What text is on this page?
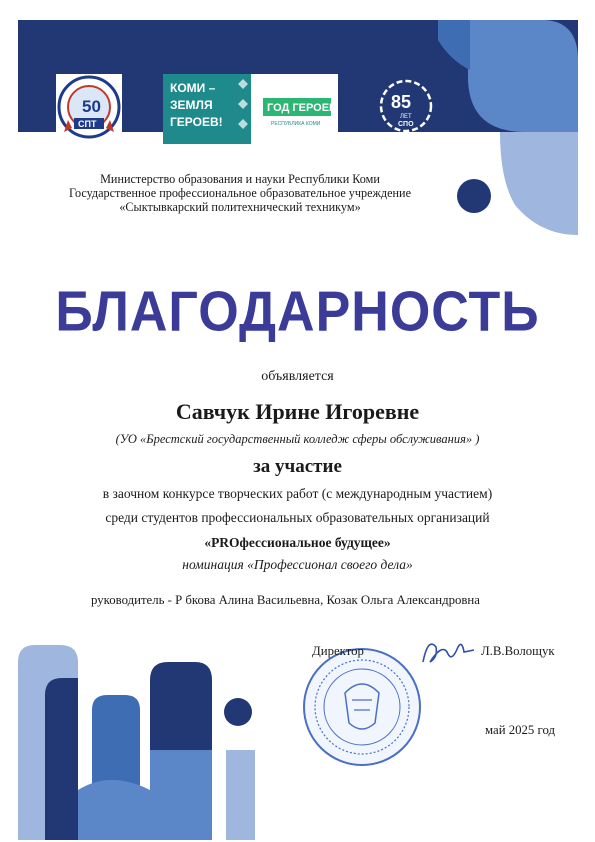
50
СПТ
КОМИ –
ЗЕМЛЯ
ГЕРОЕВ!
ГОД ГЕРОЕВ
РЕСПУБЛИКА КОМИ
85
ЛЕТ
СПО
Министерство образования и науки Республики Коми
Государственное профессиональное образовательное учреждение
«Сыктывкарский политехнический техникум»
БЛАГОДАРНОСТЬ
объявляется
Савчук Ирине Игоревне
(УО «Брестский государственный колледж сферы обслуживания» )
за участие
в заочном конкурсе творческих работ (с международным участием)
среди студентов профессиональных образовательных организаций
«PROфессиональное будущее»
номинация «Профессионал своего дела»
руководитель - Р бкова Алина Васильевна, Козак Ольга Александровна
Директор	Л.В.Волощук
май 2025 год
